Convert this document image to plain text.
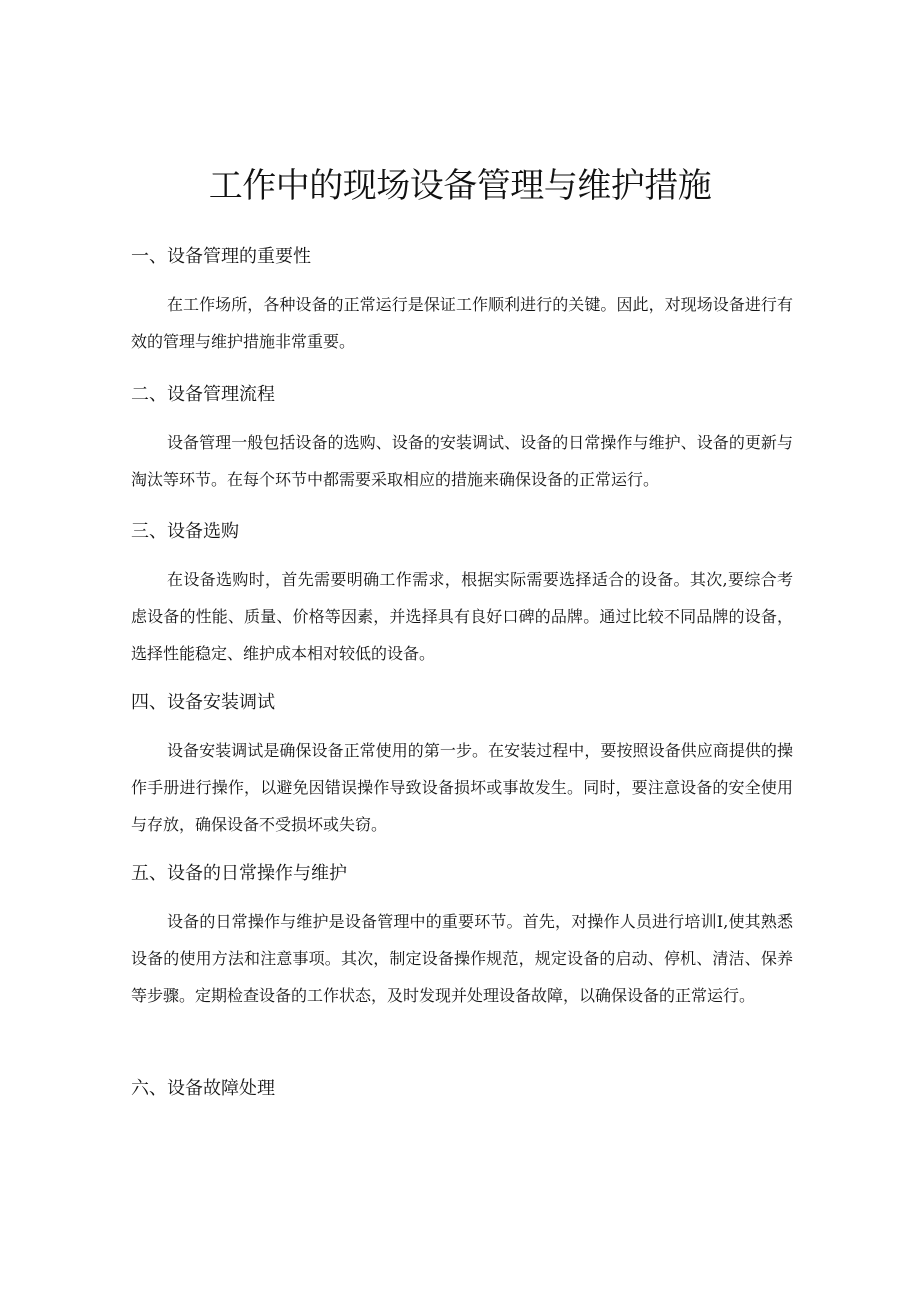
工作中的现场设备管理与维护措施
一、设备管理的重要性

在工作场所，各种设备的正常运行是保证工作顺利进行的关键。因此，对现场设备进行有效的管理与维护措施非常重要。

二、设备管理流程

设备管理一般包括设备的选购、设备的安装调试、设备的日常操作与维护、设备的更新与淘汰等环节。在每个环节中都需要采取相应的措施来确保设备的正常运行。

三、设备选购

在设备选购时，首先需要明确工作需求，根据实际需要选择适合的设备。其次,要综合考虑设备的性能、质量、价格等因素，并选择具有良好口碑的品牌。通过比较不同品牌的设备，选择性能稳定、维护成本相对较低的设备。

四、设备安装调试

设备安装调试是确保设备正常使用的第一步。在安装过程中，要按照设备供应商提供的操作手册进行操作，以避免因错误操作导致设备损坏或事故发生。同时，要注意设备的安全使用与存放，确保设备不受损坏或失窃。

五、设备的日常操作与维护

设备的日常操作与维护是设备管理中的重要环节。首先，对操作人员进行培训Ⅰ,使其熟悉设备的使用方法和注意事项。其次，制定设备操作规范，规定设备的启动、停机、清洁、保养等步骤。定期检查设备的工作状态，及时发现并处理设备故障，以确保设备的正常运行。

六、设备故障处理
